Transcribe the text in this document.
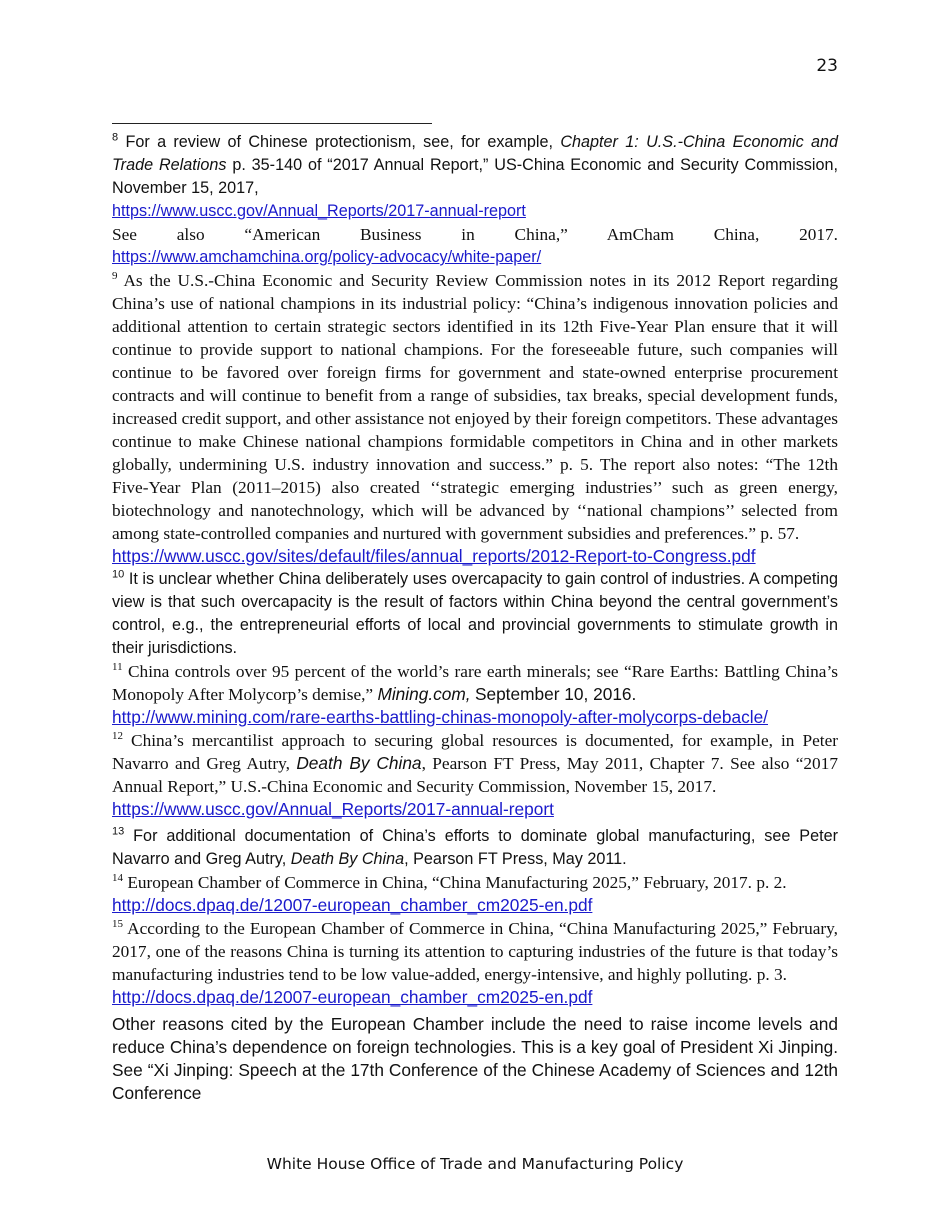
23

$^8$ For a review of Chinese protectionism, see, for example, Chapter 1: U.S.-China Economic and Trade Relations p. 35-140 of “2017 Annual Report,” US-China Economic and Security Commission, November 15, 2017,
https://www.uscc.gov/Annual_Reports/2017-annual-report
See also “American Business in China,” AmCham China, 2017.
https://www.amchamchina.org/policy-advocacy/white-paper/

$^9$ As the U.S.-China Economic and Security Review Commission notes in its 2012 Report regarding China’s use of national champions in its industrial policy: “China’s indigenous innovation policies and additional attention to certain strategic sectors identified in its 12th Five-Year Plan ensure that it will continue to provide support to national champions. For the foreseeable future, such companies will continue to be favored over foreign firms for government and state-owned enterprise procurement contracts and will continue to benefit from a range of subsidies, tax breaks, special development funds, increased credit support, and other assistance not enjoyed by their foreign competitors. These advantages continue to make Chinese national champions formidable competitors in China and in other markets globally, undermining U.S. industry innovation and success.” p. 5. The report also notes: “The 12th Five-Year Plan (2011–2015) also created ‘‘strategic emerging industries’’ such as green energy, biotechnology and nanotechnology, which will be advanced by ‘‘national champions’’ selected from among state-controlled companies and nurtured with government subsidies and preferences.” p. 57.
https://www.uscc.gov/sites/default/files/annual_reports/2012-Report-to-Congress.pdf

$^{10}$ It is unclear whether China deliberately uses overcapacity to gain control of industries. A competing view is that such overcapacity is the result of factors within China beyond the central government’s control, e.g., the entrepreneurial efforts of local and provincial governments to stimulate growth in their jurisdictions.

$^{11}$ China controls over 95 percent of the world’s rare earth minerals; see “Rare Earths: Battling China’s Monopoly After Molycorp’s demise,” Mining.com, September 10, 2016.
http://www.mining.com/rare-earths-battling-chinas-monopoly-after-molycorps-debacle/

$^{12}$ China’s mercantilist approach to securing global resources is documented, for example, in Peter Navarro and Greg Autry, Death By China, Pearson FT Press, May 2011, Chapter 7. See also “2017 Annual Report,” U.S.-China Economic and Security Commission, November 15, 2017.
https://www.uscc.gov/Annual_Reports/2017-annual-report

$^{13}$ For additional documentation of China’s efforts to dominate global manufacturing, see Peter Navarro and Greg Autry, Death By China, Pearson FT Press, May 2011.

$^{14}$ European Chamber of Commerce in China, “China Manufacturing 2025,” February, 2017. p. 2.
http://docs.dpaq.de/12007-european_chamber_cm2025-en.pdf

$^{15}$ According to the European Chamber of Commerce in China, “China Manufacturing 2025,” February, 2017, one of the reasons China is turning its attention to capturing industries of the future is that today’s manufacturing industries tend to be low value-added, energy-intensive, and highly polluting. p. 3.
http://docs.dpaq.de/12007-european_chamber_cm2025-en.pdf
Other reasons cited by the European Chamber include the need to raise income levels and reduce China’s dependence on foreign technologies. This is a key goal of President Xi Jinping. See “Xi Jinping: Speech at the 17th Conference of the Chinese Academy of Sciences and 12th Conference

White House Office of Trade and Manufacturing Policy
